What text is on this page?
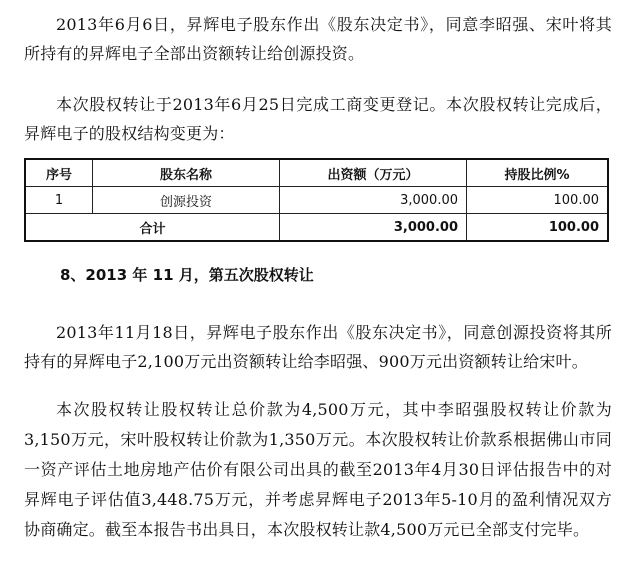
2013年6月6日，昇辉电子股东作出《股东决定书》，同意李昭强、宋叶将其所持有的昇辉电子全部出资额转让给创源投资。

本次股权转让于2013年6月25日完成工商变更登记。本次股权转让完成后，昇辉电子的股权结构变更为：

序号	股东名称	出资额（万元）	持股比例%
1	创源投资	3,000.00	100.00
合计		3,000.00	100.00

8、2013 年 11 月，第五次股权转让

2013年11月18日，昇辉电子股东作出《股东决定书》，同意创源投资将其所持有的昇辉电子2,100万元出资额转让给李昭强、900万元出资额转让给宋叶。

本次股权转让股权转让总价款为4,500万元，其中李昭强股权转让价款为3,150万元，宋叶股权转让价款为1,350万元。本次股权转让价款系根据佛山市同一资产评估土地房地产估价有限公司出具的截至2013年4月30日评估报告中的对昇辉电子评估值3,448.75万元，并考虑昇辉电子2013年5-10月的盈利情况双方协商确定。截至本报告书出具日，本次股权转让款4,500万元已全部支付完毕。
